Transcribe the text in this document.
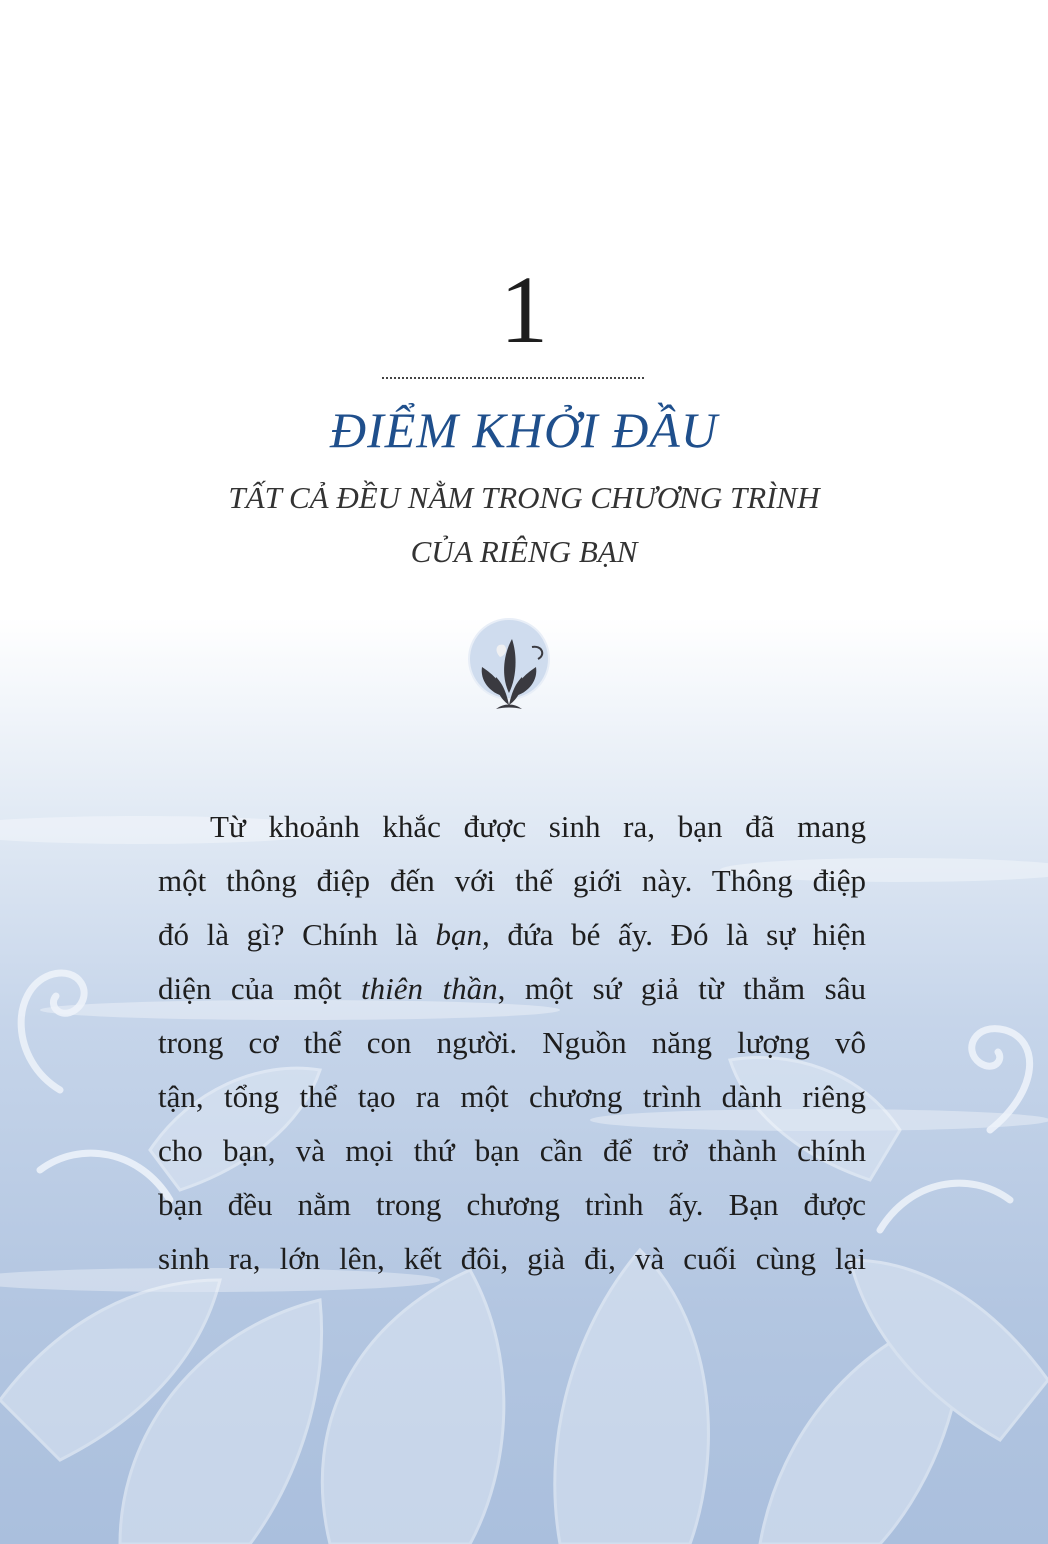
1
ĐIỂM KHỞI ĐẦU
TẤT CẢ ĐỀU NẰM TRONG CHƯƠNG TRÌNH
CỦA RIÊNG BẠN
Từ khoảnh khắc được sinh ra, bạn đã mang
một thông điệp đến với thế giới này. Thông điệp
đó là gì? Chính là bạn, đứa bé ấy. Đó là sự hiện
diện của một thiên thần, một sứ giả từ thẳm sâu
trong cơ thể con người. Nguồn năng lượng vô
tận, tổng thể tạo ra một chương trình dành riêng
cho bạn, và mọi thứ bạn cần để trở thành chính
bạn đều nằm trong chương trình ấy. Bạn được
sinh ra, lớn lên, kết đôi, già đi, và cuối cùng lại
